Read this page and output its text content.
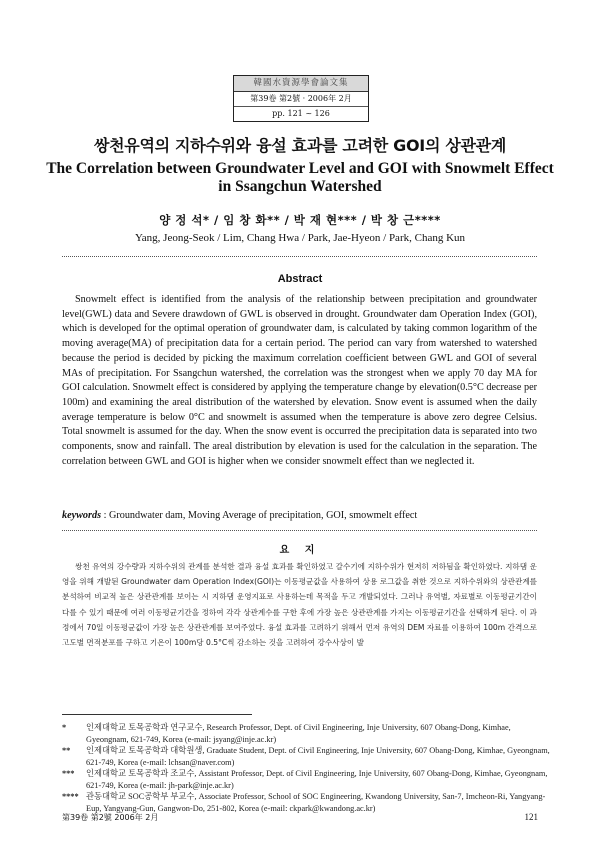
韓國水資源學會論文集
第39卷 第2號 · 2006年 2月
pp. 121 ~ 126
쌍천유역의 지하수위와 융설 효과를 고려한 GOI의 상관관계
The Correlation between Groundwater Level and GOI with Snowmelt Effect
in Ssangchun Watershed
양 정 석* / 임 창 화** / 박 재 현*** / 박 창 근****
Yang, Jeong-Seok / Lim, Chang Hwa / Park, Jae-Hyeon / Park, Chang Kun
Abstract

Snowmelt effect is identified from the analysis of the relationship between precipitation and groundwater level(GWL) data and Severe drawdown of GWL is observed in drought. Groundwater dam Operation Index (GOI), which is developed for the optimal operation of groundwater dam, is calculated by taking common logarithm of the moving average(MA) of precipitation data for a certain period. The period can vary from watershed to watershed because the period is decided by picking the maximum correlation coefficient between GWL and GOI of several MAs of precipitation. For Ssangchun watershed, the correlation was the strongest when we apply 70 day MA for GOI calculation. Snowmelt effect is considered by applying the temperature change by elevation(0.5°C decrease per 100m) and examining the areal distribution of the watershed by elevation. Snow event is assumed when the daily average temperature is below 0°C and snowmelt is assumed when the temperature is above zero degree Celsius. Total snowmelt is assumed for the day. When the snow event is occurred the precipitation data is separated into two components, snow and rainfall. The areal distribution by elevation is used for the calculation in the separation. The correlation between GWL and GOI is higher when we consider snowmelt effect than we neglected it.

keywords : Groundwater dam, Moving Average of precipitation, GOI, smowmelt effect
요 지

쌍천 유역의 강수량과 지하수위의 관계를 분석한 결과 융설 효과를 확인하였고 갈수기에 지하수위가 현저히 저하됨을 확인하였다. 지하댐 운영을 위해 개발된 Groundwater dam Operation Index(GOI)는 이동평균값을 사용하여 상용 로그값을 취한 것으로 지하수위와의 상관관계를 분석하여 비교적 높은 상관관계를 보이는 시 지하댐 운영지표로 사용하는데 목적을 두고 개발되었다. 그러나 유역별, 자료별로 이동평균기간이 다를 수 있기 때문에 여러 이동평균기간을 정하여 각각 상관계수를 구한 후에 가장 높은 상관관계를 가지는 이동평균기간을 선택하게 된다. 이 과정에서 70일 이동평균값이 가장 높은 상관관계를 보여주었다. 융설 효과를 고려하기 위해서 먼저 유역의 DEM 자료를 이용하여 100m 간격으로 고도별 면적분포를 구하고 기온이 100m당 0.5°C씩 감소하는 것을 고려하여 강수사상이 발

* 인제대학교 토목공학과 연구교수, Research Professor, Dept. of Civil Engineering, Inje University, 607 Obang-Dong, Kimhae, Gyeongnam, 621-749, Korea (e-mail: jsyang@inje.ac.kr)
** 인제대학교 토목공학과 대학원생, Graduate Student, Dept. of Civil Engineering, Inje University, 607 Obang-Dong, Kimhae, Gyeongnam, 621-749, Korea (e-mail: lchsan@naver.com)
*** 인제대학교 토목공학과 조교수, Assistant Professor, Dept. of Civil Engineering, Inje University, 607 Obang-Dong, Kimhae, Gyeongnam, 621-749, Korea (e-mail: jh-park@inje.ac.kr)
**** 관동대학교 SOC공학부 부교수, Associate Professor, School of SOC Engineering, Kwandong University, San-7, Imcheon-Ri, Yangyang-Eup, Yangyang-Gun, Gangwon-Do, 251-802, Korea (e-mail: ckpark@kwandong.ac.kr)
第39卷 第2號 2006年 2月	121
